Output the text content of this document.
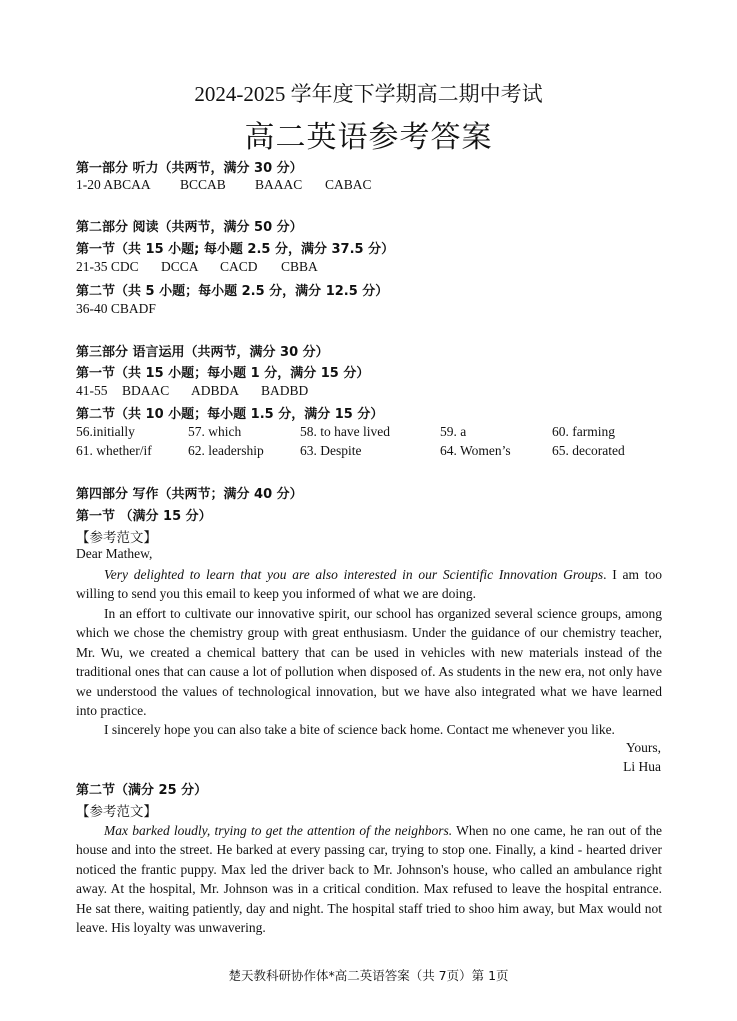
2024-2025 学年度下学期高二期中考试
高二英语参考答案
第一部分 听力（共两节，满分 30 分）
1-20 ABCAA BCCAB BAAAC CABAC
第二部分 阅读（共两节，满分 50 分）
第一节（共 15 小题; 每小题 2.5 分，满分 37.5 分）
21-35 CDC DCCA CACD CBBA
第二节（共 5 小题；每小题 2.5 分，满分 12.5 分）
36-40 CBADF
第三部分 语言运用（共两节，满分 30 分）
第一节（共 15 小题；每小题 1 分，满分 15 分）
41-55 BDAAC ADBDA BADBD
第二节（共 10 小题；每小题 1.5 分，满分 15 分）
56.initially	57. which	58. to have lived	59. a	60. farming
61. whether/if	62. leadership	63. Despite	64. Women’s	65. decorated
第四部分 写作（共两节；满分 40 分）
第一节 （满分 15 分）
【参考范文】
Dear Mathew,
Very delighted to learn that you are also interested in our Scientific Innovation Groups. I am too willing to send you this email to keep you informed of what we are doing.
In an effort to cultivate our innovative spirit, our school has organized several science groups, among which we chose the chemistry group with great enthusiasm. Under the guidance of our chemistry teacher, Mr. Wu, we created a chemical battery that can be used in vehicles with new materials instead of the traditional ones that can cause a lot of pollution when disposed of. As students in the new era, not only have we understood the values of technological innovation, but we have also integrated what we have learned into practice.
I sincerely hope you can also take a bite of science back home. Contact me whenever you like.
Yours,
Li Hua
第二节（满分 25 分）
【参考范文】
Max barked loudly, trying to get the attention of the neighbors. When no one came, he ran out of the house and into the street. He barked at every passing car, trying to stop one. Finally, a kind - hearted driver noticed the frantic puppy. Max led the driver back to Mr. Johnson's house, who called an ambulance right away. At the hospital, Mr. Johnson was in a critical condition. Max refused to leave the hospital entrance. He sat there, waiting patiently, day and night. The hospital staff tried to shoo him away, but Max would not leave. His loyalty was unwavering.
楚天教科研协作体*高二英语答案（共 7页）第 1页
